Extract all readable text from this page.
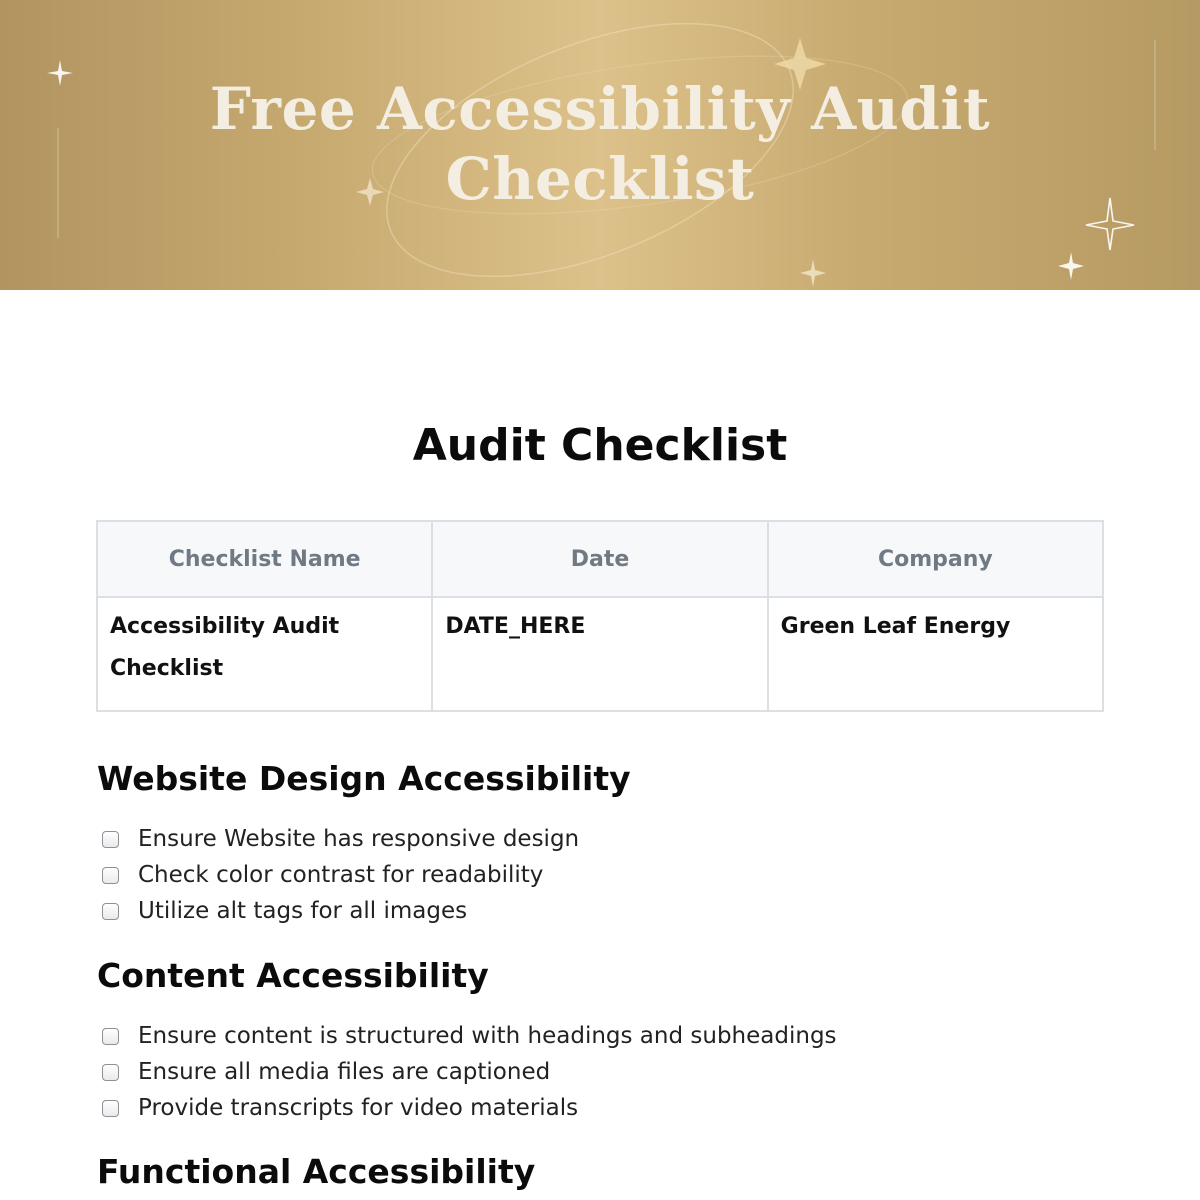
Free Accessibility Audit
Checklist
Audit Checklist
Checklist Name	Date	Company

Accessibility Audit
Checklist	DATE_HERE	Green Leaf Energy
Website Design Accessibility
Ensure Website has responsive design
Check color contrast for readability
Utilize alt tags for all images
Content Accessibility
Ensure content is structured with headings and subheadings
Ensure all media files are captioned
Provide transcripts for video materials
Functional Accessibility
